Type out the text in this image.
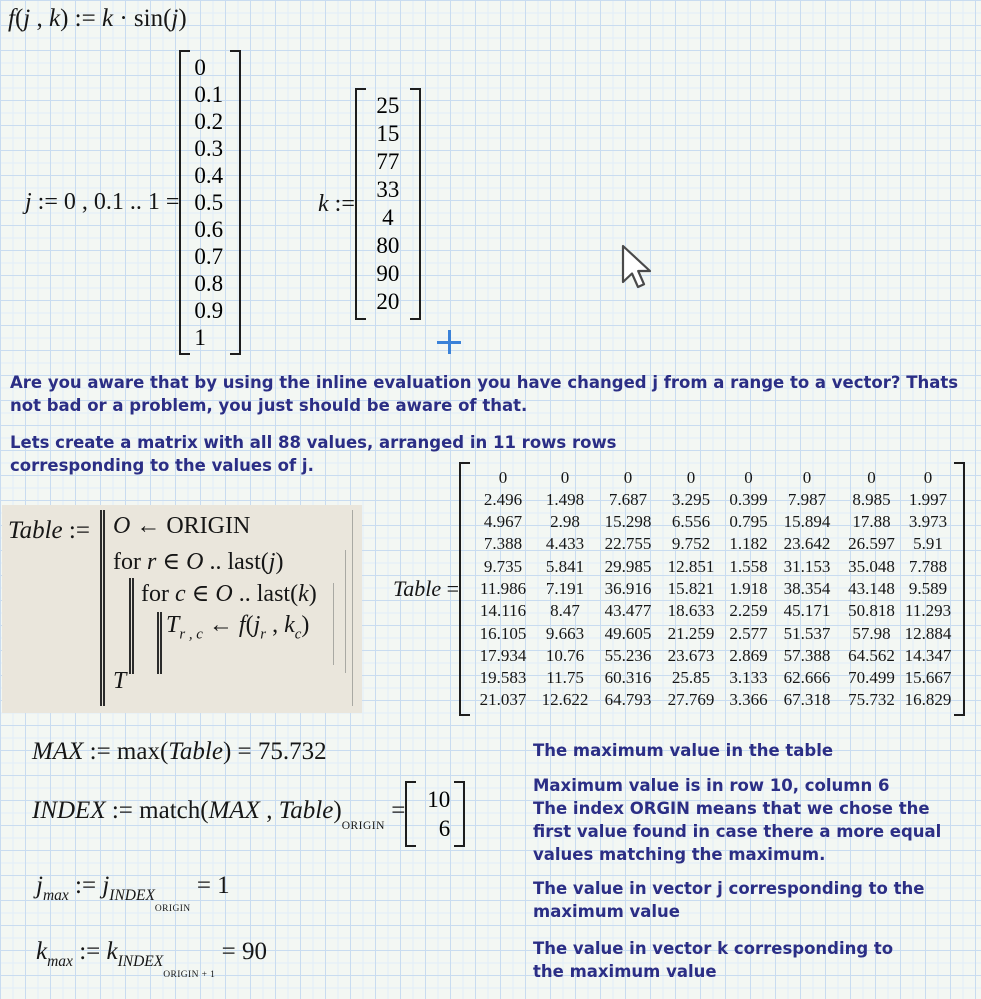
f(j , k) := k · sin(j)
j := 0 , 0.1 .. 1 =
0
0.1
0.2
0.3
0.4
0.5
0.6
0.7
0.8
0.9
1
k :=
25
15
77
33
4
80
90
20
Are you aware that by using the inline evaluation you have changed j from a range to a vector? Thats
not bad or a problem, you just should be aware of that.
Lets create a matrix with all 88 values, arranged in 11 rows rows
corresponding to the values of j.
Table := O ← ORIGIN
for r ∈ O .. last(j)
for c ∈ O .. last(k)
$T_{r , c}$ ← $f(j_r$ , $k_c$)
T
Table =
0	0	0	0	0	0	0	0
2.496	1.498	7.687	3.295	0.399	7.987	8.985	1.997
4.967	2.98	15.298	6.556	0.795 15.894	17.88	3.973
7.388	4.433	22.755	9.752	1.182 23.642	26.597	5.91
9.735	5.841	29.985 12.851 1.558 31.153	35.048 7.788
11.986	7.191	36.916 15.821 1.918 38.354	43.148 9.589
14.116	8.47	43.477 18.633 2.259 45.171	50.818 11.293
16.105	9.663	49.605 21.259 2.577 51.537	57.98 12.884
17.934	10.76	55.236 23.673 2.869 57.388	64.562 14.347
19.583	11.75	60.316	25.85	3.133 62.666	70.499 15.667
21.037 12.622 64.793 27.769 3.366 67.318	75.732 16.829
MAX := max(Table) = 75.732
INDEX := match(MAX , $Table)_{ORIGIN} = 10$
6
$j_{max}$ := $j_{INDEXORIGIN} = 1$
$k_{max}$ := $k_{INDEXORIGIN + 1} = 90$
The maximum value in the table
Maximum value is in row 10, column 6
The index ORGIN means that we chose the
first value found in case there a more equal
values matching the maximum.
The value in vector j corresponding to the
maximum value
The value in vector k corresponding to
the maximum value
